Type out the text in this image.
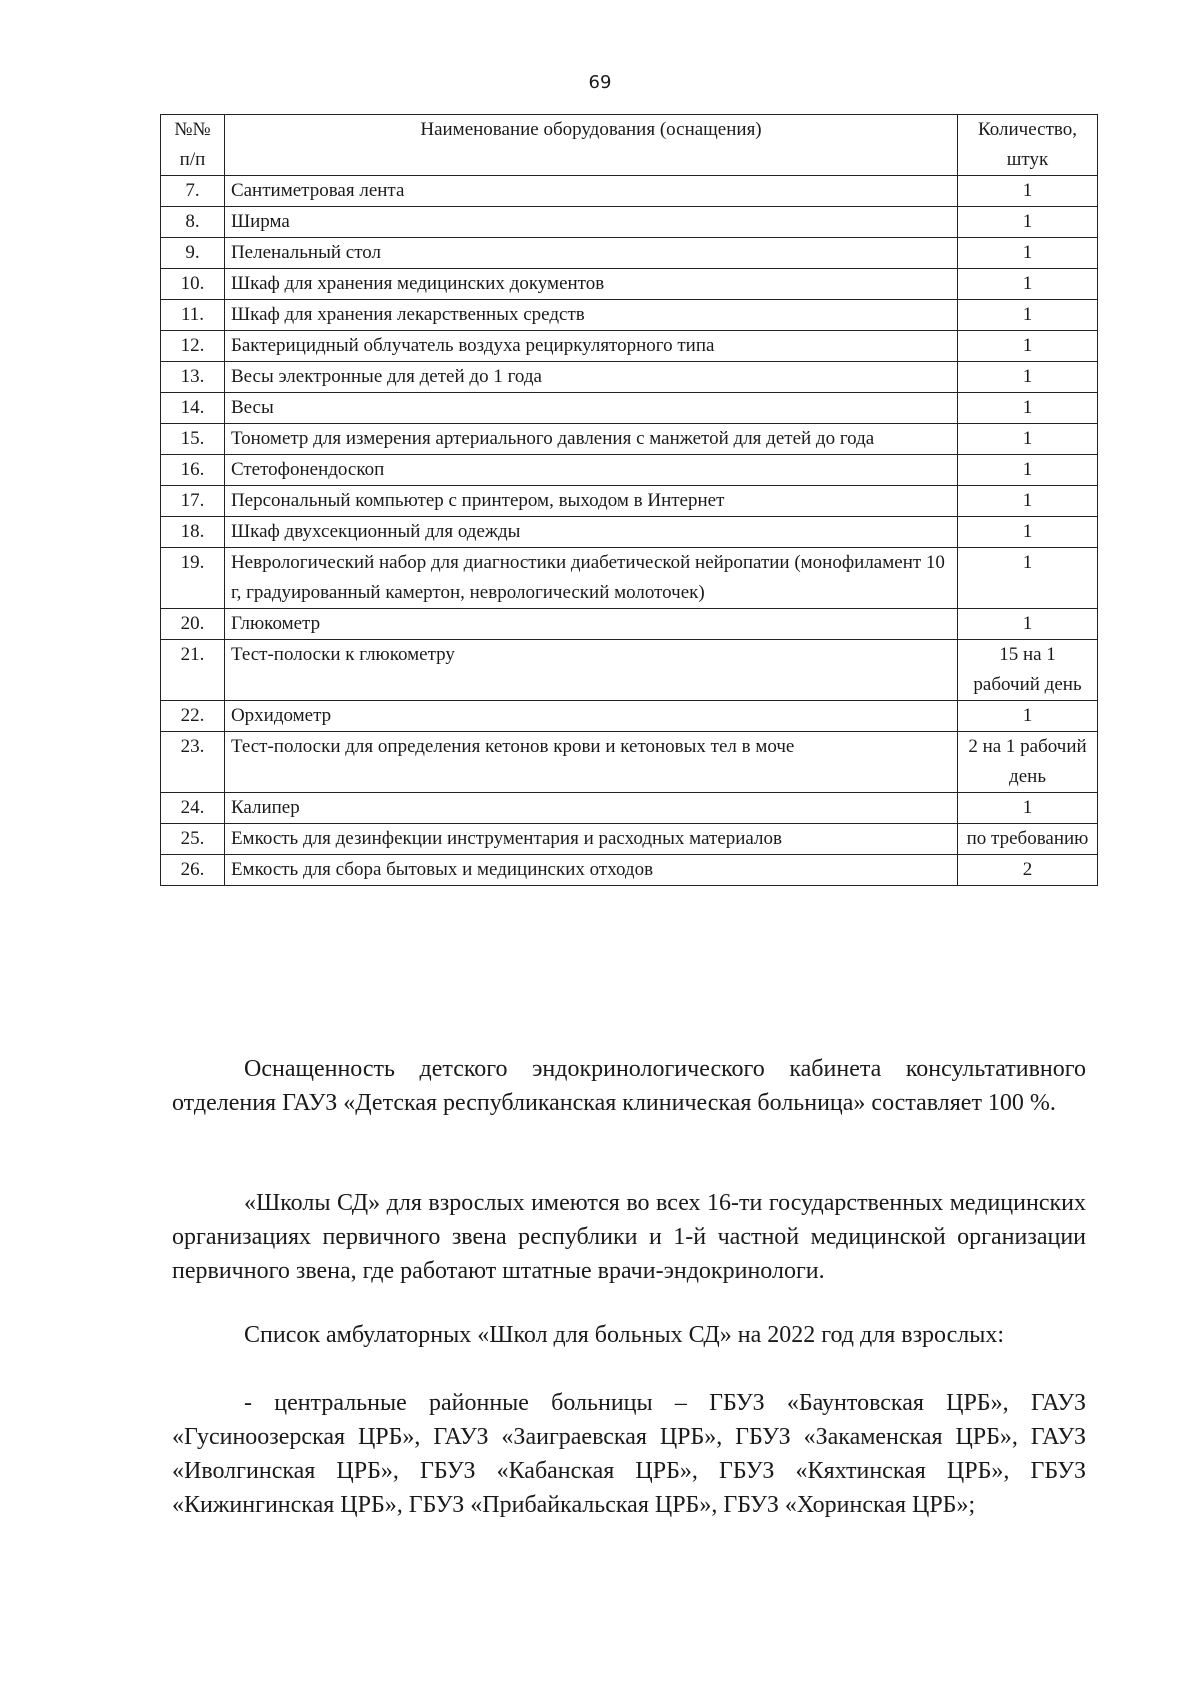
69
№№ п/п	Наименование оборудования (оснащения)	Количество, штук
7.	Сантиметровая лента	1
8.	Ширма	1
9.	Пеленальный стол	1
10.	Шкаф для хранения медицинских документов	1
11.	Шкаф для хранения лекарственных средств	1
12.	Бактерицидный облучатель воздуха рециркуляторного типа	1
13.	Весы электронные для детей до 1 года	1
14.	Весы	1
15.	Тонометр для измерения артериального давления с манжетой для детей до года	1
16.	Стетофонендоскоп	1
17.	Персональный компьютер с принтером, выходом в Интернет	1
18.	Шкаф двухсекционный для одежды	1
19.	Неврологический набор для диагностики диабетической нейропатии (монофиламент 10 г, градуированный камертон, неврологический молоточек)	1
20.	Глюкометр	1
21.	Тест-полоски к глюкометру	15 на 1 рабочий день
22.	Орхидометр	1
23.	Тест-полоски для определения кетонов крови и кетоновых тел в моче	2 на 1 рабочий день
24.	Калипер	1
25.	Емкость для дезинфекции инструментария и расходных материалов	по требованию
26.	Емкость для сбора бытовых и медицинских отходов	2

Оснащенность детского эндокринологического кабинета консультативного отделения ГАУЗ «Детская республиканская клиническая больница» составляет 100 %.

«Школы СД» для взрослых имеются во всех 16-ти государственных медицинских организациях первичного звена республики и 1-й частной медицинской организации первичного звена, где работают штатные врачи-эндокринологи.

Список амбулаторных «Школ для больных СД» на 2022 год для взрослых:

- центральные районные больницы – ГБУЗ «Баунтовская ЦРБ», ГАУЗ «Гусиноозерская ЦРБ», ГАУЗ «Заиграевская ЦРБ», ГБУЗ «Закаменская ЦРБ», ГАУЗ «Иволгинская ЦРБ», ГБУЗ «Кабанская ЦРБ», ГБУЗ «Кяхтинская ЦРБ», ГБУЗ «Кижингинская ЦРБ», ГБУЗ «Прибайкальская ЦРБ», ГБУЗ «Хоринская ЦРБ»;
